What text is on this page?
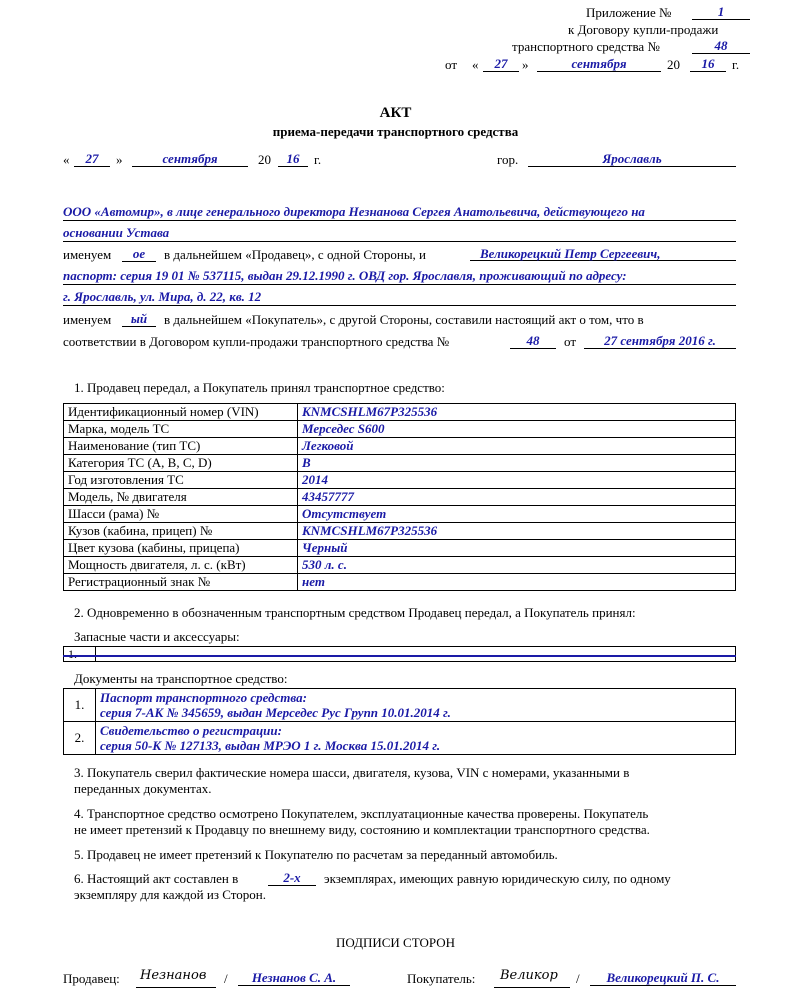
Приложение №	1
к Договору купли-продажи
транспортного средства №	48
от «	27	»	сентября	20	16	г.
АКТ
приема-передачи транспортного средства
«	27	»	сентября	20	16	г.	гор.	Ярославль
ООО «Автомир», в лице генерального директора Незнанова Сергея Анатольевича, действующего на
основании Устава
именуем	ое	в дальнейшем «Продавец», с одной Стороны, и	Великорецкий Петр Сергеевич,
паспорт: серия 19 01 № 537115, выдан 29.12.1990 г. ОВД гор. Ярославля, проживающий по адресу:
г. Ярославль, ул. Мира, д. 22, кв. 12
именуем	ый	в дальнейшем «Покупатель», с другой Стороны, составили настоящий акт о том, что в
соответствии в Договором купли-продажи транспортного средства №	48	от	27 сентября 2016 г.
1. Продавец передал, а Покупатель принял транспортное средство:
Идентификационный номер (VIN)	KNMCSHLM67P325536
Марка, модель ТС	Мерседес S600
Наименование (тип ТС)	Легковой
Категория ТС (A, B, C, D)	B
Год изготовления ТС	2014
Модель, № двигателя	43457777
Шасси (рама) №	Отсутствует
Кузов (кабина, прицеп) №	KNMCSHLM67P325536
Цвет кузова (кабины, прицепа)	Черный
Мощность двигателя, л. с. (кВт)	530 л. с.
Регистрационный знак №	нет
2. Одновременно в обозначенным транспортным средством Продавец передал, а Покупатель принял:
Запасные части и аксессуары:
1.	
Документы на транспортное средство:
1.	Паспорт транспортного средства:
серия 7-АК № 345659, выдан Мерседес Рус Групп 10.01.2014 г.
2.	Свидетельство о регистрации:
серия 50-К № 127133, выдан МРЭО 1 г. Москва 15.01.2014 г.
3. Покупатель сверил фактические номера шасси, двигателя, кузова, VIN с номерами, указанными в
переданных документах.
4. Транспортное средство осмотрено Покупателем, эксплуатационные качества проверены. Покупатель
не имеет претензий к Продавцу по внешнему виду, состоянию и комплектации транспортного средства.
5. Продавец не имеет претензий к Покупателю по расчетам за переданный автомобиль.
6. Настоящий акт составлен в	2-х	экземплярах, имеющих равную юридическую силу, по одному
экземпляру для каждой из Сторон.
ПОДПИСИ СТОРОН
Продавец: Незнанов /	Незнанов С. А.	Покупатель: Великор /	Великорецкий П. С.
